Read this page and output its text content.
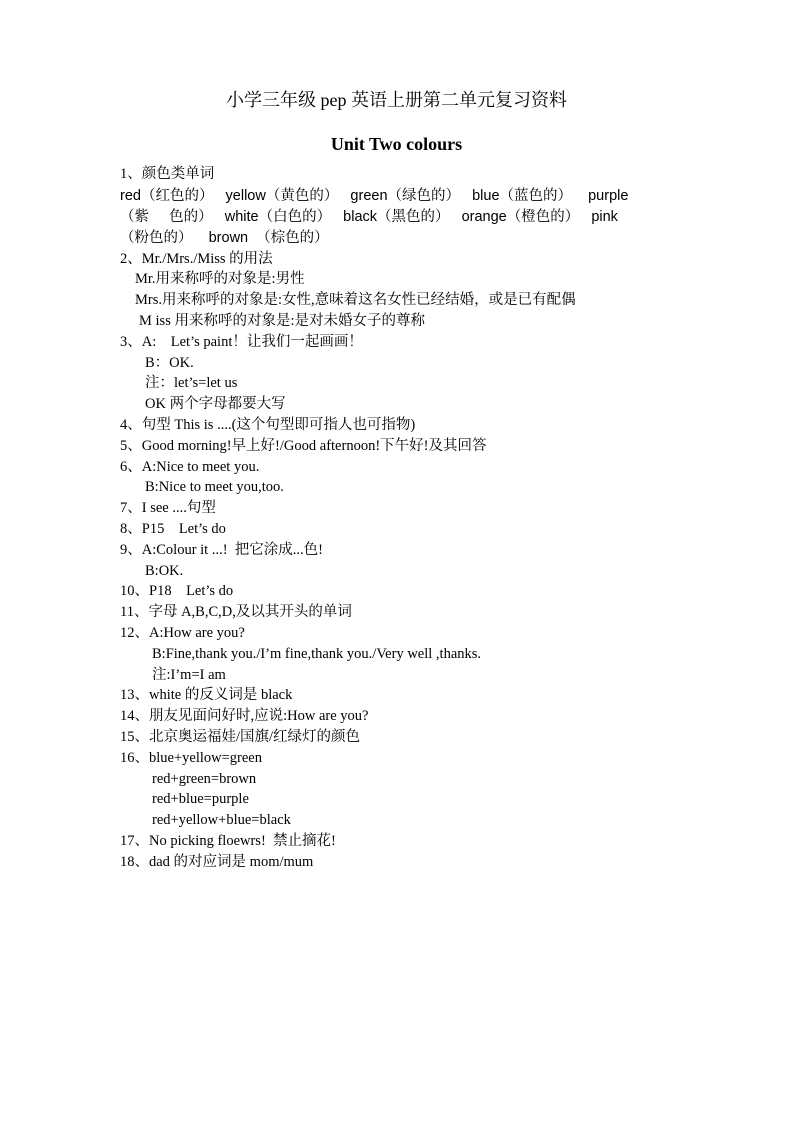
小学三年级 pep 英语上册第二单元复习资料
Unit Two colours
1、颜色类单词
red（红色的）   yellow（黄色的）   green（绿色的）   blue（蓝色的）    purple
（紫     色的）   white（白色的）   black（黑色的）   orange（橙色的）   pink
（粉色的）    brown  （棕色的）
2、Mr./Mrs./Miss 的用法
Mr.用来称呼的对象是:男性
Mrs.用来称呼的对象是:女性,意味着这名女性已经结婚，或是已有配偶
M iss 用来称呼的对象是:是对未婚女子的尊称
3、A:    Let’s paint！让我们一起画画！
B：OK.
注：let’s=let us
OK 两个字母都要大写
4、句型 This is ....(这个句型即可指人也可指物)
5、Good morning!早上好!/Good afternoon!下午好!及其回答
6、A:Nice to meet you.
B:Nice to meet you,too.
7、I see ....句型
8、P15    Let’s do
9、A:Colour it ...!  把它涂成...色!
B:OK.
10、P18    Let’s do
11、字母 A,B,C,D,及以其开头的单词
12、A:How are you?
B:Fine,thank you./I’m fine,thank you./Very well ,thanks.
注:I’m=I am
13、white 的反义词是 black
14、朋友见面问好时,应说:How are you?
15、北京奥运福娃/国旗/红绿灯的颜色
16、blue+yellow=green
red+green=brown
red+blue=purple
red+yellow+blue=black
17、No picking floewrs!  禁止摘花!
18、dad 的对应词是 mom/mum
